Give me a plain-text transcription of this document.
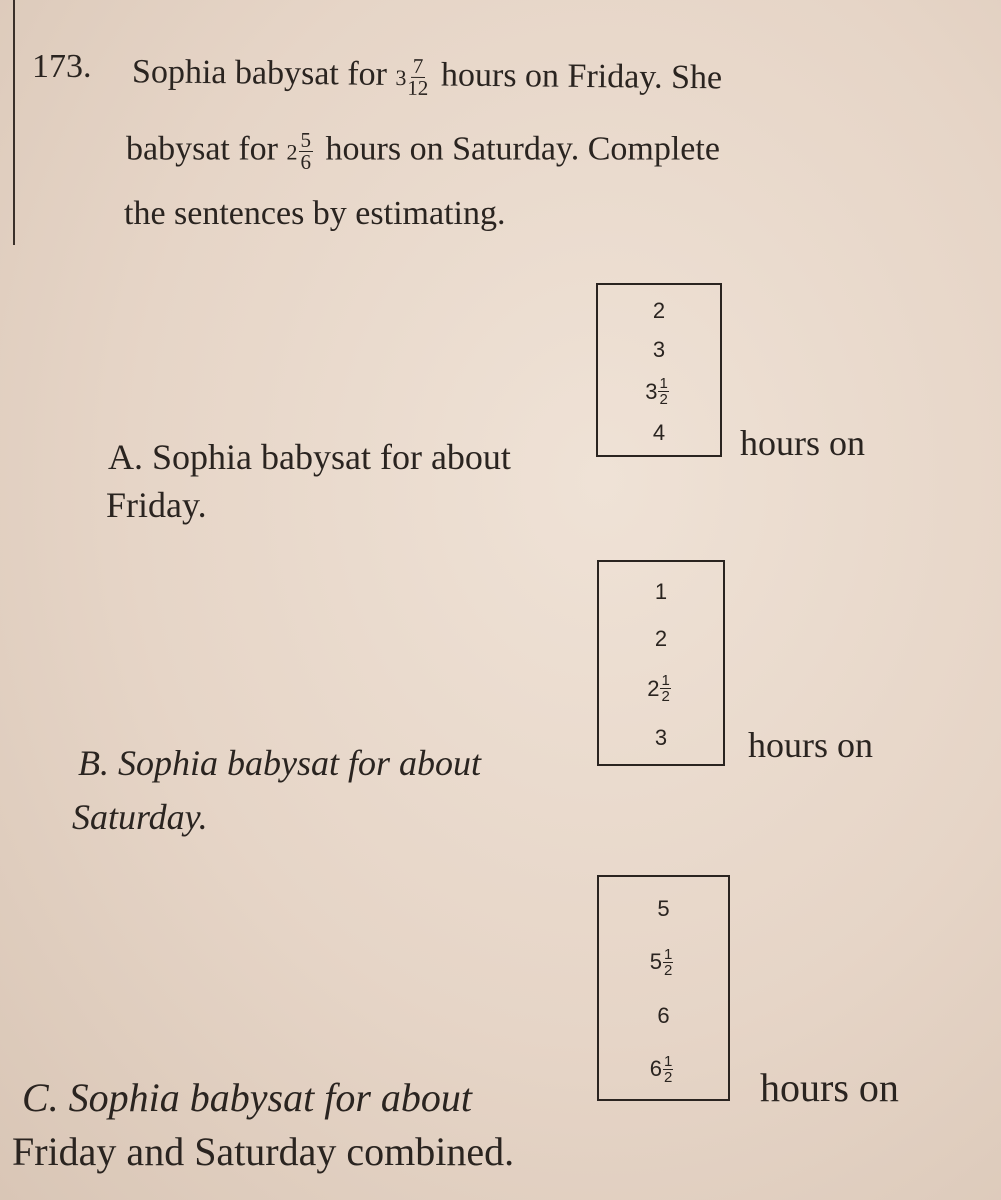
173. Sophia babysat for $3 \frac{7}{12}$ hours on Friday. She
babysat for $2 \frac{5}{6}$ hours on Saturday. Complete
the sentences by estimating.
A. Sophia babysat for about
2
3
$3 \frac{1}{2}$
4 hours on
Friday.
B. Sophia babysat for about
1
2
$2 \frac{1}{2}$
3 hours on
Saturday.
C. Sophia babysat for about
5
$5 \frac{1}{2}$
6
$6 \frac{1}{2}$ hours on
Friday and Saturday combined.
